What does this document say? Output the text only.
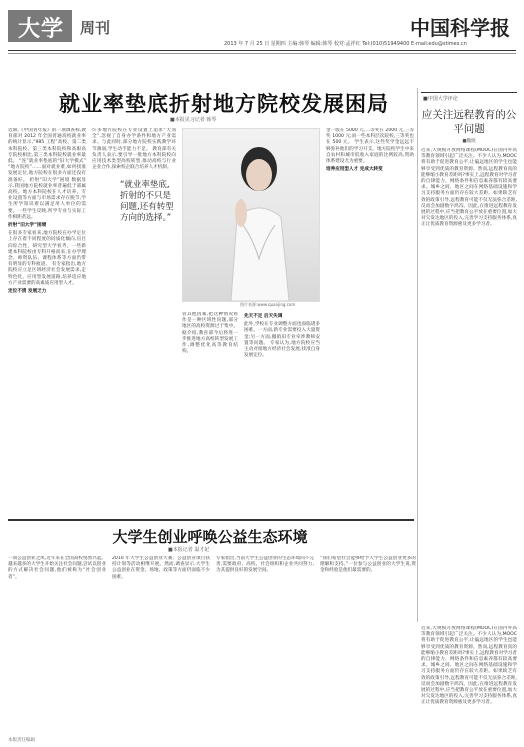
大学 周刊	中国科学报
2013 年 7 月 25 日 星期四 主编:韩琴 编辑:韩琴 校对:孟祥红 Tel:(010)51949400 E-mail:edu@stimes.cn
就业率垫底折射地方院校发展困局
■本报见习记者 韩琴
近期,《中国青年报》的一项调查称,教育部对 2012 年全国普通高校就业率的统计显示,“985 工程”高校、第二类本科院校、第三类本科院校和高职高专院校相比,第三类本科院校就业率最低。 “连”就业率垫底的“旧大学模式” “地方院校”……面对就业难,如何找准发展定位,地方院校在很多方面还没有准备好。 折射“旧大学”困境 数据显示,我国地方院校就业率普遍低于部属高校。地方本科院校在人才培养、专业设置等方面与市场需求存在脱节,学生所学知识难以满足用人单位的需要。一些学生反映,所学专业与实际工作相距甚远。
折射“旧大学”困境
在很多专家看来,地方院校在办学定位上存在着不同程度的同质化倾向,盲目向综合性、研究型大学看齐。一些新建本科院校由专科升格而来,在办学理念、师资队伍、课程体系等方面仍带有明显的专科痕迹。 有专家指出,地方院校应立足区域经济社会发展需求,走特色化、应用型发展道路,培养适应地方产业需要的高素质应用型人才。
定位不清 发展乏力
许多地方院校在专业设置上追求“大而全”,忽视了自身办学条件和地方产业需求。与此同时,部分地方院校实践教学环节薄弱,学生动手能力不足。 教育部有关负责人表示,要引导一批地方本科院校向应用技术类型高校转型,推动高校与行业企业合作,探索校企联合培养人才机制。
图片来源:www.quanjing.com
管其他因素,把这种情况看作是一种区域性问题,部分地区的高校资源过于集中。 据介绍,教育部今后将进一步推进地方高校转型发展工作,调整优化高等教育结构。
先天不足 后天失调
此外,学校在专业调整方面也面临诸多困难。一方面,新专业需要投入大量资金;另一方面,撤销旧专业牵涉教师安置等问题。 专家认为,地方院校应当主动对接地方经济社会发展,找准自身发展定位。
金一般在 5000 元,二等奖在 2000 元,三等奖 1000 元;而一些本科层次院校,三等奖也在 500 元。 学生表示,这些奖学金远远不够弥补他们的学习开支。地方院校学生中来自农村和城市低收入家庭的比例较高,资助体系建设尤为重要。
培养应用型人才 完成大转变
“就业率垫底,折射的不只是问题,还有转型方向的选择。”
■中国大学评论
应关注远程教育的公平问题
■魏晓
近来,大规模开放网络课程(MOOC)在国内外高等教育领域引起广泛关注。不少人认为,MOOC 将有助于促进教育公平,让偏远地区的学生也能够享受到优质的教育资源。然而,远程教育真的能够缩小教育差距吗?事实上,远程教育对学习者的自律能力、网络条件和信息素养都有较高要求。城乡之间、地区之间在网络基础设施和学习支持服务方面仍存在较大差距。如果缺乏有效的政策引导,远程教育可能不仅无法弥合差距,反而会加剧数字鸿沟。因此,在推进远程教育发展的过程中,应当把教育公平放在重要位置,加大对欠发达地区的投入,完善学习支持服务体系,真正让优质教育资源惠及更多学习者。
大学生创业呼唤公益生态环境
■本报记者 温才妃
一项公益创业之风,近年来在全国高校悄然兴起。越来越多的大学生开始关注社会问题,尝试以创业的方式解决社会问题,他们被称为“社会创业者”。
2010 年大学生公益创业大赛、公益创业项目扶持计划等活动相继开展。然而,调查显示,大学生公益创业在资金、场地、政策等方面仍面临不少困难。
专家指出,当前大学生公益创业的生态环境尚不完善,需要政府、高校、社会组织和企业共同努力,为其提供良好的发展空间。
“我们希望社会能够给予大学生公益创业更多的理解和支持。”一位参与公益创业的大学生说,资金和经验是他们最需要的。
近来,大规模开放网络课程(MOOC)在国内外高等教育领域引起广泛关注。不少人认为,MOOC 将有助于促进教育公平,让偏远地区的学生也能够享受到优质的教育资源。然而,远程教育真的能够缩小教育差距吗?事实上,远程教育对学习者的自律能力、网络条件和信息素养都有较高要求。城乡之间、地区之间在网络基础设施和学习支持服务方面仍存在较大差距。如果缺乏有效的政策引导,远程教育可能不仅无法弥合差距,反而会加剧数字鸿沟。因此,在推进远程教育发展的过程中,应当把教育公平放在重要位置,加大对欠发达地区的投入,完善学习支持服务体系,真正让优质教育资源惠及更多学习者。
本版责任编辑
